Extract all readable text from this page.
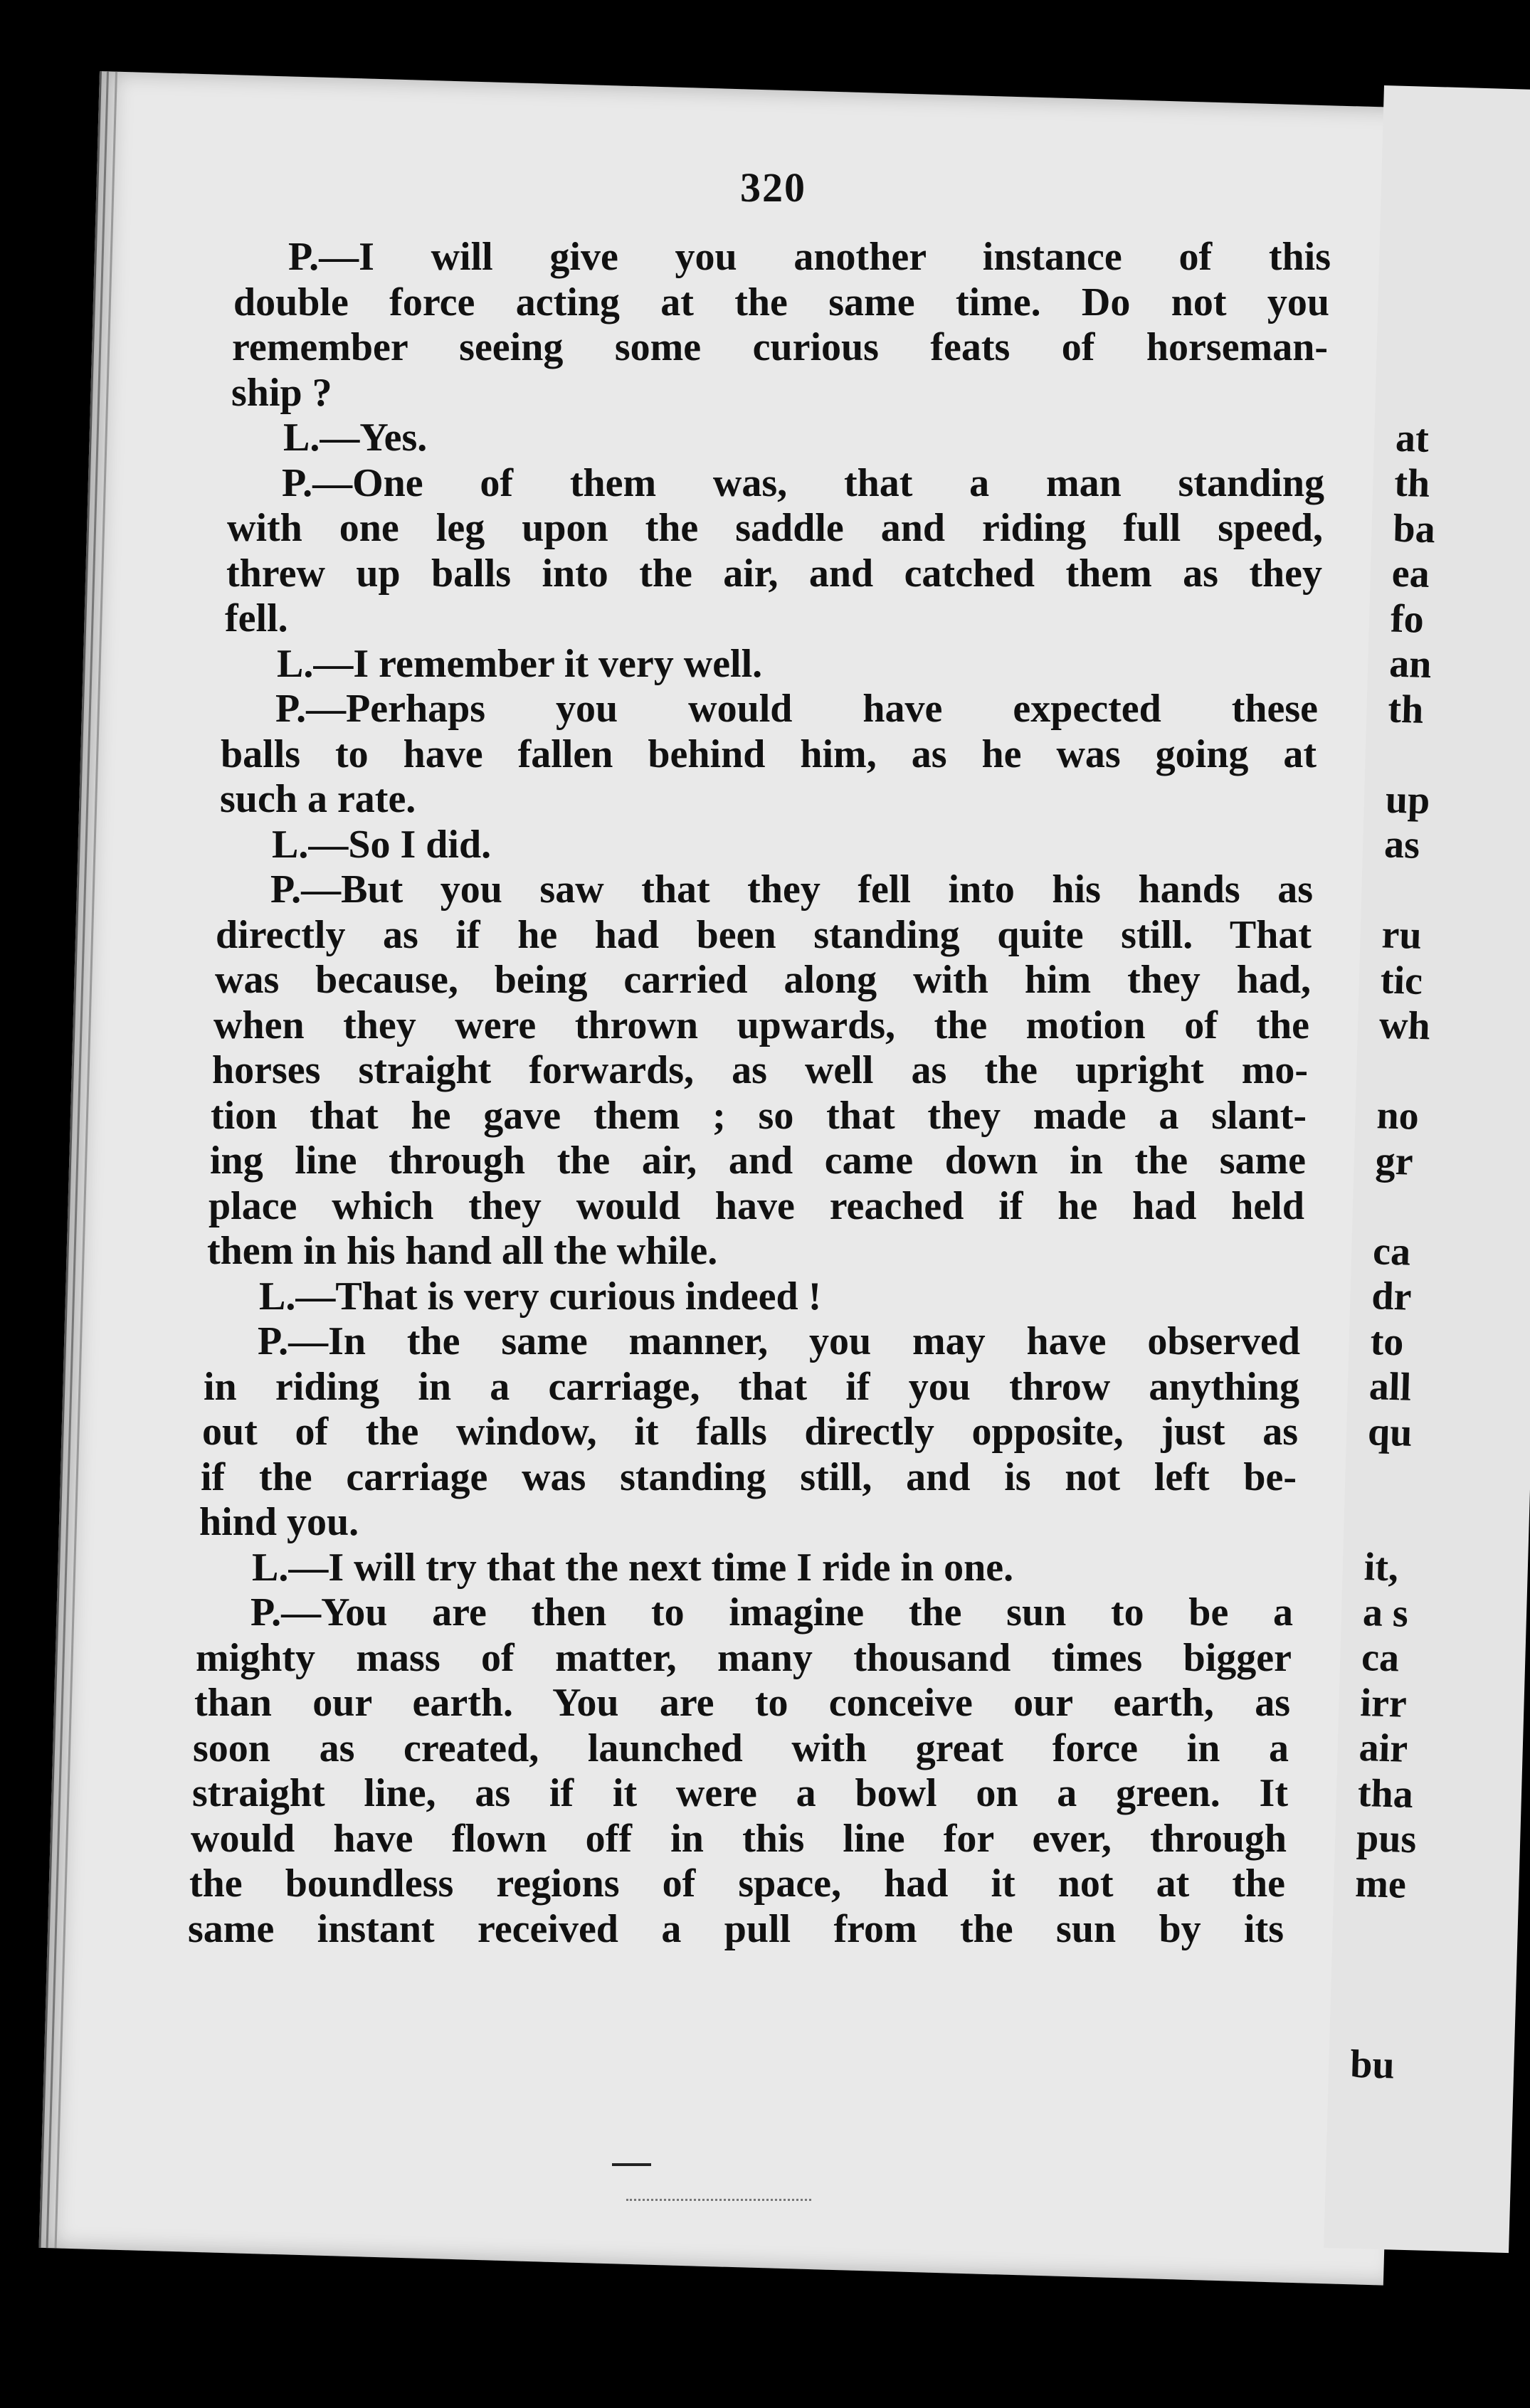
at
th
ba
ea
fo
an
th
up
as
ru
tic
wh
no
gr
ca
dr
to
all
qu
it,
a s
ca
irr
air
tha
pus
me
bu
320
P.—I will give you another instance of this
double force acting at the same time. Do not you
remember seeing some curious feats of horseman-
ship ?
L.—Yes.
P.—One of them was, that a man standing
with one leg upon the saddle and riding full speed,
threw up balls into the air, and catched them as they
fell.
L.—I remember it very well.
P.—Perhaps you would have expected these
balls to have fallen behind him, as he was going at
such a rate.
L.—So I did.
P.—But you saw that they fell into his hands as
directly as if he had been standing quite still. That
was because, being carried along with him they had,
when they were thrown upwards, the motion of the
horses straight forwards, as well as the upright mo-
tion that he gave them ; so that they made a slant-
ing line through the air, and came down in the same
place which they would have reached if he had held
them in his hand all the while.
L.—That is very curious indeed !
P.—In the same manner, you may have observed
in riding in a carriage, that if you throw anything
out of the window, it falls directly opposite, just as
if the carriage was standing still, and is not left be-
hind you.
L.—I will try that the next time I ride in one.
P.—You are then to imagine the sun to be a
mighty mass of matter, many thousand times bigger
than our earth. You are to conceive our earth, as
soon as created, launched with great force in a
straight line, as if it were a bowl on a green. It
would have flown off in this line for ever, through
the boundless regions of space, had it not at the
same instant received a pull from the sun by its
